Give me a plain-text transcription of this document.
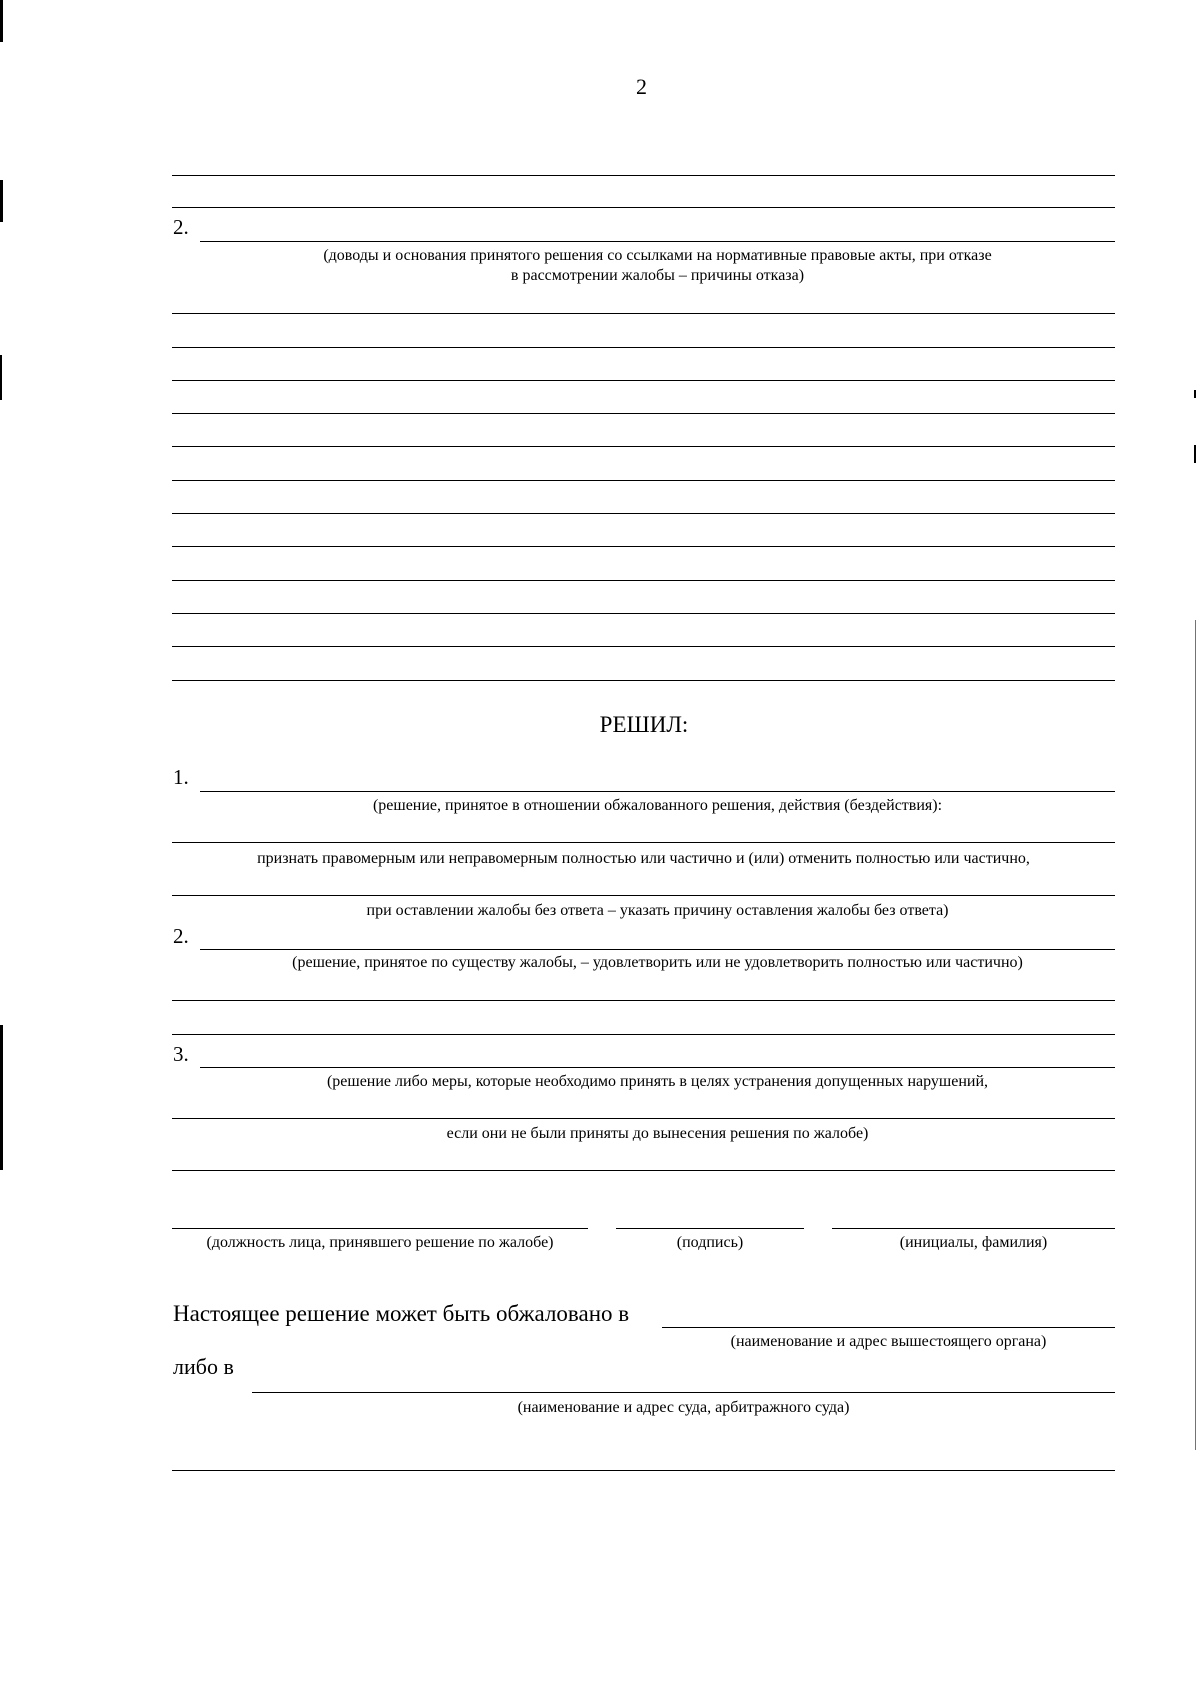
2
2.
(доводы и основания принятого решения со ссылками на нормативные правовые акты, при отказе
в рассмотрении жалобы – причины отказа)
РЕШИЛ:
1.
(решение, принятое в отношении обжалованного решения, действия (бездействия):
признать правомерным или неправомерным полностью или частично и (или) отменить полностью или частично,
при оставлении жалобы без ответа – указать причину оставления жалобы без ответа)
2.
(решение, принятое по существу жалобы, – удовлетворить или не удовлетворить полностью или частично)
3.
(решение либо меры, которые необходимо принять в целях устранения допущенных нарушений,
если они не были приняты до вынесения решения по жалобе)
(должность лица, принявшего решение по жалобе)	(подпись)	(инициалы, фамилия)
Настоящее решение может быть обжаловано в
(наименование и адрес вышестоящего органа)
либо в
(наименование и адрес суда, арбитражного суда)
